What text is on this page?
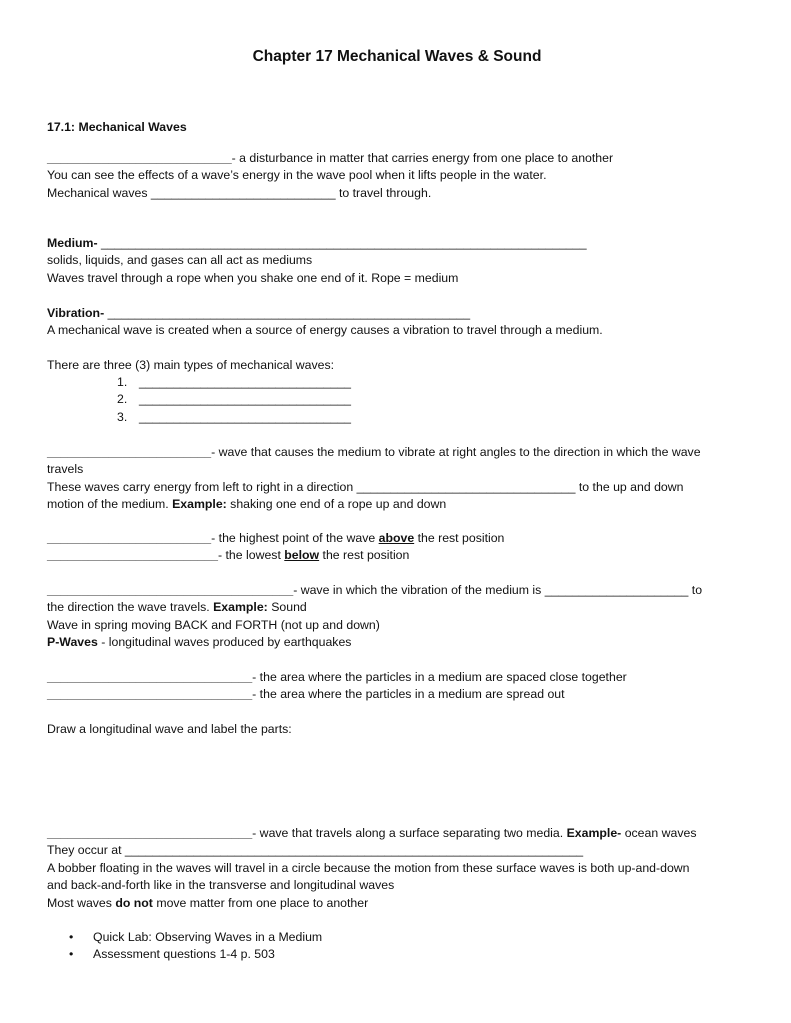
Chapter 17 Mechanical Waves & Sound
17.1: Mechanical Waves

___________________________- a disturbance in matter that carries energy from one place to another

You can see the effects of a wave’s energy in the wave pool when it lifts people in the water.

Mechanical waves ___________________________ to travel through.

Medium- _______________________________________________________________________

solids, liquids, and gases can all act as mediums

Waves travel through a rope when you shake one end of it. Rope = medium

Vibration- _____________________________________________________

A mechanical wave is created when a source of energy causes a vibration to travel through a medium.

There are three (3) main types of mechanical waves:

1. _______________________________

2. _______________________________

3. _______________________________

________________________- wave that causes the medium to vibrate at right angles to the direction in which the wave

travels

These waves carry energy from left to right in a direction ________________________________ to the up and down

motion of the medium. Example: shaking one end of a rope up and down

________________________- the highest point of the wave above the rest position

_________________________- the lowest below the rest position

____________________________________- wave in which the vibration of the medium is _____________________ to

the direction the wave travels. Example: Sound

Wave in spring moving BACK and FORTH (not up and down)

P-Waves - longitudinal waves produced by earthquakes

______________________________- the area where the particles in a medium are spaced close together

______________________________- the area where the particles in a medium are spread out

Draw a longitudinal wave and label the parts:

______________________________- wave that travels along a surface separating two media. Example- ocean waves

They occur at ___________________________________________________________________

A bobber floating in the waves will travel in a circle because the motion from these surface waves is both up-and-down

and back-and-forth like in the transverse and longitudinal waves

Most waves do not move matter from one place to another

• Quick Lab: Observing Waves in a Medium

• Assessment questions 1-4 p. 503
